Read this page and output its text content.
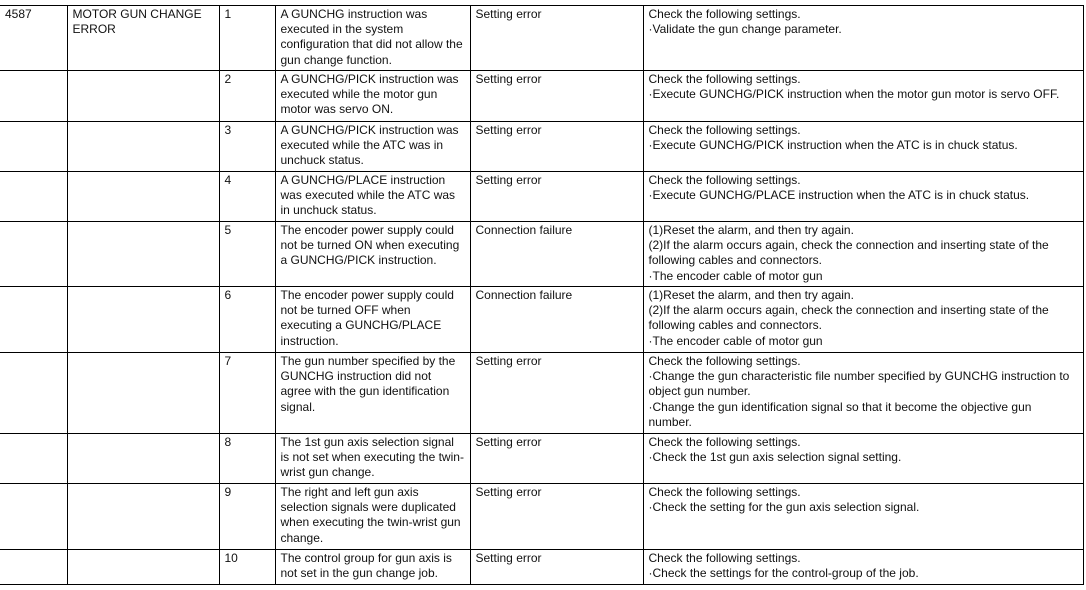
4587	MOTOR GUN CHANGE ERROR	1	A GUNCHG instruction was executed in the system configuration that did not allow the gun change function.	Setting error	Check the following settings.
·Validate the gun change parameter.

		2	A GUNCHG/PICK instruction was executed while the motor gun motor was servo ON.	Setting error	Check the following settings.
·Execute GUNCHG/PICK instruction when the motor gun motor is servo OFF.

		3	A GUNCHG/PICK instruction was executed while the ATC was in unchuck status.	Setting error	Check the following settings.
·Execute GUNCHG/PICK instruction when the ATC is in chuck status.

		4	A GUNCHG/PLACE instruction was executed while the ATC was in unchuck status.	Setting error	Check the following settings.
·Execute GUNCHG/PLACE instruction when the ATC is in chuck status.

		5	The encoder power supply could not be turned ON when executing a GUNCHG/PICK instruction.	Connection failure	(1)Reset the alarm, and then try again.
(2)If the alarm occurs again, check the connection and inserting state of the following cables and connectors.
·The encoder cable of motor gun

		6	The encoder power supply could not be turned OFF when executing a GUNCHG/PLACE instruction.	Connection failure	(1)Reset the alarm, and then try again.
(2)If the alarm occurs again, check the connection and inserting state of the following cables and connectors.
·The encoder cable of motor gun

		7	The gun number specified by the GUNCHG instruction did not agree with the gun identification signal.	Setting error	Check the following settings.
·Change the gun characteristic file number specified by GUNCHG instruction to object gun number.
·Change the gun identification signal so that it become the objective gun number.

		8	The 1st gun axis selection signal is not set when executing the twin-wrist gun change.	Setting error	Check the following settings.
·Check the 1st gun axis selection signal setting.

		9	The right and left gun axis selection signals were duplicated when executing the twin-wrist gun change.	Setting error	Check the following settings.
·Check the setting for the gun axis selection signal.

		10	The control group for gun axis is not set in the gun change job.	Setting error	Check the following settings.
·Check the settings for the control-group of the job.
